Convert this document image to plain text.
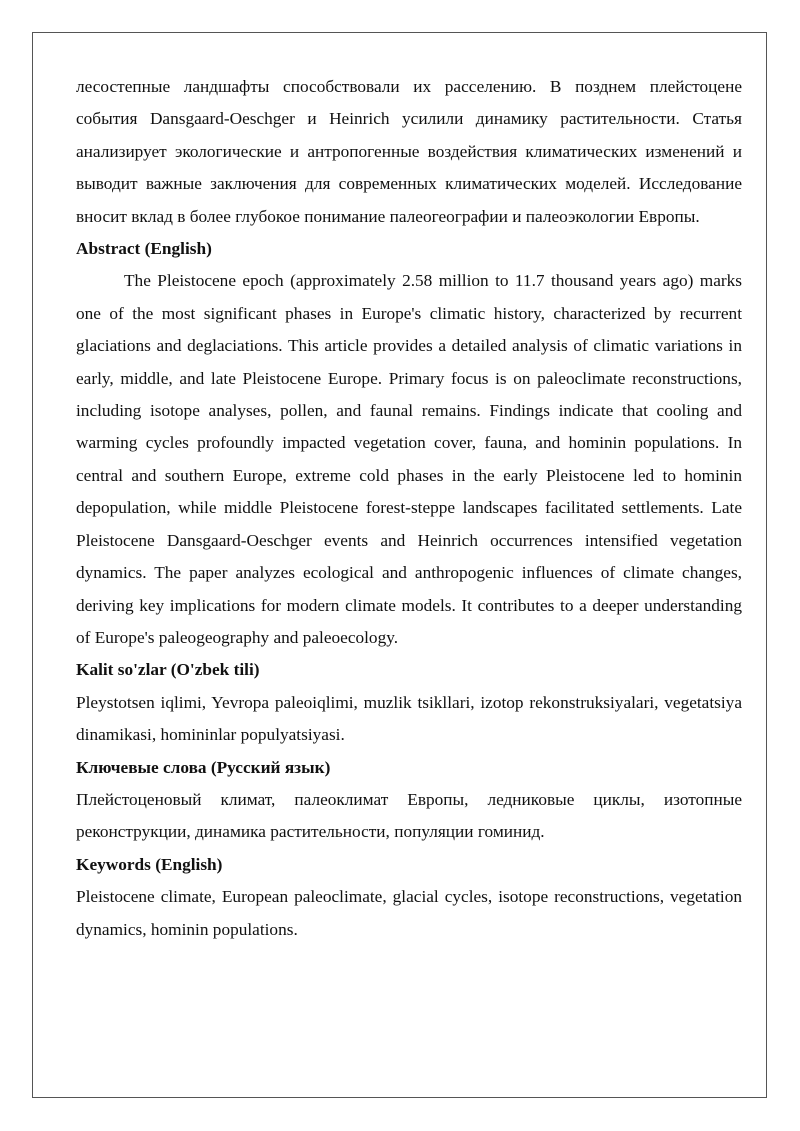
лесостепные ландшафты способствовали их расселению. В позднем плейстоцене события Dansgaard-Oeschger и Heinrich усилили динамику растительности. Статья анализирует экологические и антропогенные воздействия климатических изменений и выводит важные заключения для современных климатических моделей. Исследование вносит вклад в более глубокое понимание палеогеографии и палеоэкологии Европы.

Abstract (English)

The Pleistocene epoch (approximately 2.58 million to 11.7 thousand years ago) marks one of the most significant phases in Europe's climatic history, characterized by recurrent glaciations and deglaciations. This article provides a detailed analysis of climatic variations in early, middle, and late Pleistocene Europe. Primary focus is on paleoclimate reconstructions, including isotope analyses, pollen, and faunal remains. Findings indicate that cooling and warming cycles profoundly impacted vegetation cover, fauna, and hominin populations. In central and southern Europe, extreme cold phases in the early Pleistocene led to hominin depopulation, while middle Pleistocene forest-steppe landscapes facilitated settlements. Late Pleistocene Dansgaard-Oeschger events and Heinrich occurrences intensified vegetation dynamics. The paper analyzes ecological and anthropogenic influences of climate changes, deriving key implications for modern climate models. It contributes to a deeper understanding of Europe's paleogeography and paleoecology.

Kalit so'zlar (O'zbek tili)

Pleystotsen iqlimi, Yevropa paleoiqlimi, muzlik tsikllari, izotop rekonstruksiyalari, vegetatsiya dinamikasi, homininlar populyatsiyasi.

Ключевые слова (Русский язык)

Плейстоценовый климат, палеоклимат Европы, ледниковые циклы, изотопные реконструкции, динамика растительности, популяции гоминид.

Keywords (English)

Pleistocene climate, European paleoclimate, glacial cycles, isotope reconstructions, vegetation dynamics, hominin populations.
